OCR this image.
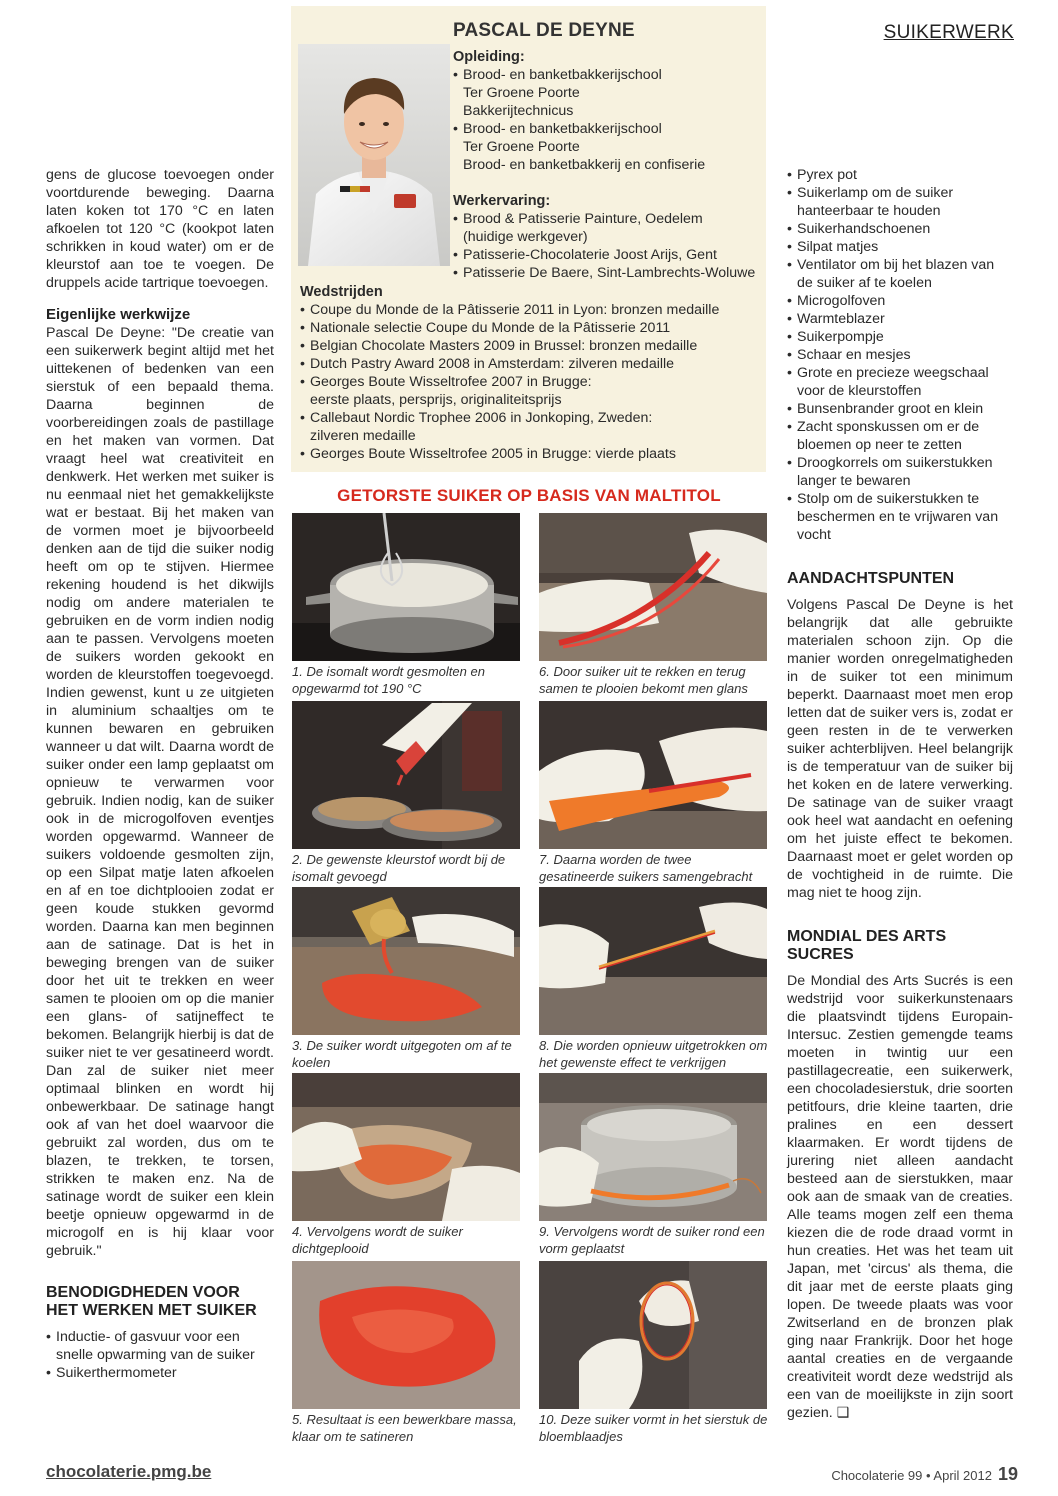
SUIKERWERK

gens de glucose toevoegen onder voortdurende beweging. Daarna laten koken tot 170 °C en laten afkoelen tot 120 °C (kookpot laten schrikken in koud water) om er de kleurstof aan toe te voegen. De druppels acide tartrique toevoegen.

Eigenlijke werkwijze

Pascal De Deyne: "De creatie van een suikerwerk begint altijd met het uittekenen of bedenken van een sierstuk of een bepaald thema. Daarna beginnen de voorbereidingen zoals de pastillage en het maken van vormen. Dat vraagt heel wat creativiteit en denkwerk. Het werken met suiker is nu eenmaal niet het gemakkelijkste wat er bestaat. Bij het maken van de vormen moet je bijvoorbeeld denken aan de tijd die suiker nodig heeft om op te stijven. Hiermee rekening houdend is het dikwijls nodig om andere materialen te gebruiken en de vorm indien nodig aan te passen. Vervolgens moeten de suikers worden gekookt en worden de kleurstoffen toegevoegd. Indien gewenst, kunt u ze uitgieten in aluminium schaaltjes om te kunnen bewaren en gebruiken wanneer u dat wilt. Daarna wordt de suiker onder een lamp geplaatst om opnieuw te verwarmen voor gebruik. Indien nodig, kan de suiker ook in de microgolfoven eventjes worden opgewarmd. Wanneer de suikers voldoende gesmolten zijn, op een Silpat matje laten afkoelen en af en toe dichtplooien zodat er geen koude stukken gevormd worden. Daarna kan men beginnen aan de satinage. Dat is het in beweging brengen van de suiker door het uit te trekken en weer samen te plooien om op die manier een glans- of satijneffect te bekomen. Belangrijk hierbij is dat de suiker niet te ver gesatineerd wordt. Dan zal de suiker niet meer optimaal blinken en wordt hij onbewerkbaar. De satinage hangt ook af van het doel waarvoor die gebruikt zal worden, dus om te blazen, te trekken, te torsen, strikken te maken enz. Na de satinage wordt de suiker een klein beetje opnieuw opgewarmd in de microgolf en is hij klaar voor gebruik."

BENODIGDHEDEN VOOR HET WERKEN MET SUIKER
• Inductie- of gasvuur voor een snelle opwarming van de suiker
• Suikerthermometer
PASCAL DE DEYNE
Opleiding:
• Brood- en banketbakkerijschool
Ter Groene Poorte
Bakkerijtechnicus
• Brood- en banketbakkerijschool
Ter Groene Poorte
Brood- en banketbakkerij en confiserie
Werkervaring:
• Brood & Patisserie Painture, Oedelem
(huidige werkgever)
• Patisserie-Chocolaterie Joost Arijs, Gent
• Patisserie De Baere, Sint-Lambrechts-Woluwe
Wedstrijden
• Coupe du Monde de la Pâtisserie 2011 in Lyon: bronzen medaille
• Nationale selectie Coupe du Monde de la Pâtisserie 2011
• Belgian Chocolate Masters 2009 in Brussel: bronzen medaille
• Dutch Pastry Award 2008 in Amsterdam: zilveren medaille
• Georges Boute Wisseltrofee 2007 in Brugge:
eerste plaats, persprijs, originaliteitsprijs
• Callebaut Nordic Trophee 2006 in Jonkoping, Zweden:
zilveren medaille
• Georges Boute Wisseltrofee 2005 in Brugge: vierde plaats
GETORSTE SUIKER OP BASIS VAN MALTITOL
1. De isomalt wordt gesmolten en opgewarmd tot 190 °C
2. De gewenste kleurstof wordt bij de isomalt gevoegd
3. De suiker wordt uitgegoten om af te koelen
4. Vervolgens wordt de suiker dichtgeplooid
5. Resultaat is een bewerkbare massa, klaar om te satineren
6. Door suiker uit te rekken en terug samen te plooien bekomt men glans
7. Daarna worden de twee gesatineerde suikers samengebracht
8. Die worden opnieuw uitgetrokken om het gewenste effect te verkrijgen
9. Vervolgens wordt de suiker rond een vorm geplaatst
10. Deze suiker vormt in het sierstuk de bloemblaadjes
• Pyrex pot
• Suikerlamp om de suiker hanteerbaar te houden
• Suikerhandschoenen
• Silpat matjes
• Ventilator om bij het blazen van de suiker af te koelen
• Microgolfoven
• Warmteblazer
• Suikerpompje
• Schaar en mesjes
• Grote en precieze weegschaal voor de kleurstoffen
• Bunsenbrander groot en klein
• Zacht sponskussen om er de bloemen op neer te zetten
• Droogkorrels om suikerstukken langer te bewaren
• Stolp om de suikerstukken te beschermen en te vrijwaren van vocht
AANDACHTSPUNTEN

Volgens Pascal De Deyne is het belangrijk dat alle gebruikte materialen schoon zijn. Op die manier worden onregelmatigheden in de suiker tot een minimum beperkt. Daarnaast moet men erop letten dat de suiker vers is, zodat er geen resten in de te verwerken suiker achterblijven. Heel belangrijk is de temperatuur van de suiker bij het koken en de latere verwerking. De satinage van de suiker vraagt ook heel wat aandacht en oefening om het juiste effect te bekomen. Daarnaast moet er gelet worden op de vochtigheid in de ruimte. Die mag niet te hoog zijn.

MONDIAL DES ARTS SUCRES

De Mondial des Arts Sucrés is een wedstrijd voor suikerkunstenaars die plaatsvindt tijdens Europain-Intersuc. Zestien gemengde teams moeten in twintig uur een pastillagecreatie, een suikerwerk, een chocoladesierstuk, drie soorten petitfours, drie kleine taarten, drie pralines en een dessert klaarmaken. Er wordt tijdens de jurering niet alleen aandacht besteed aan de sierstukken, maar ook aan de smaak van de creaties. Alle teams mogen zelf een thema kiezen die de rode draad vormt in hun creaties. Het was het team uit Japan, met 'circus' als thema, die dit jaar met de eerste plaats ging lopen. De tweede plaats was voor Zwitserland en de bronzen plak ging naar Frankrijk. Door het hoge aantal creaties en de vergaande creativiteit wordt deze wedstrijd als een van de moeilijkste in zijn soort gezien. ❑

chocolaterie.pmg.be	Chocolaterie 99 • April 2012 19
